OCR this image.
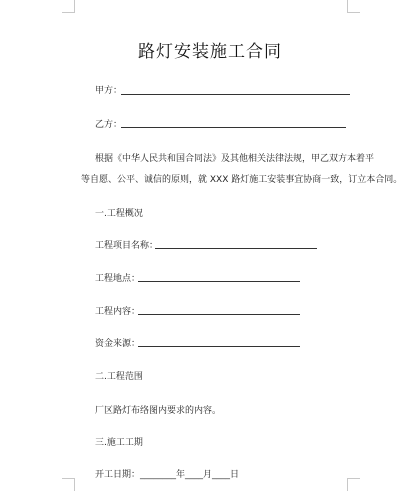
路灯安装施工合同
甲方：
乙方：
根据《中华人民共和国合同法》及其他相关法律法规，甲乙双方本着平
等自愿、公平、诚信的原则，就 XXX 路灯施工安装事宜协商一致，订立本合同。
一.工程概况
工程项目名称：
工程地点：
工程内容：
资金来源：
二.工程范围
厂区路灯布络图内要求的内容。
三.施工工期
开工日期：________年____月____日
